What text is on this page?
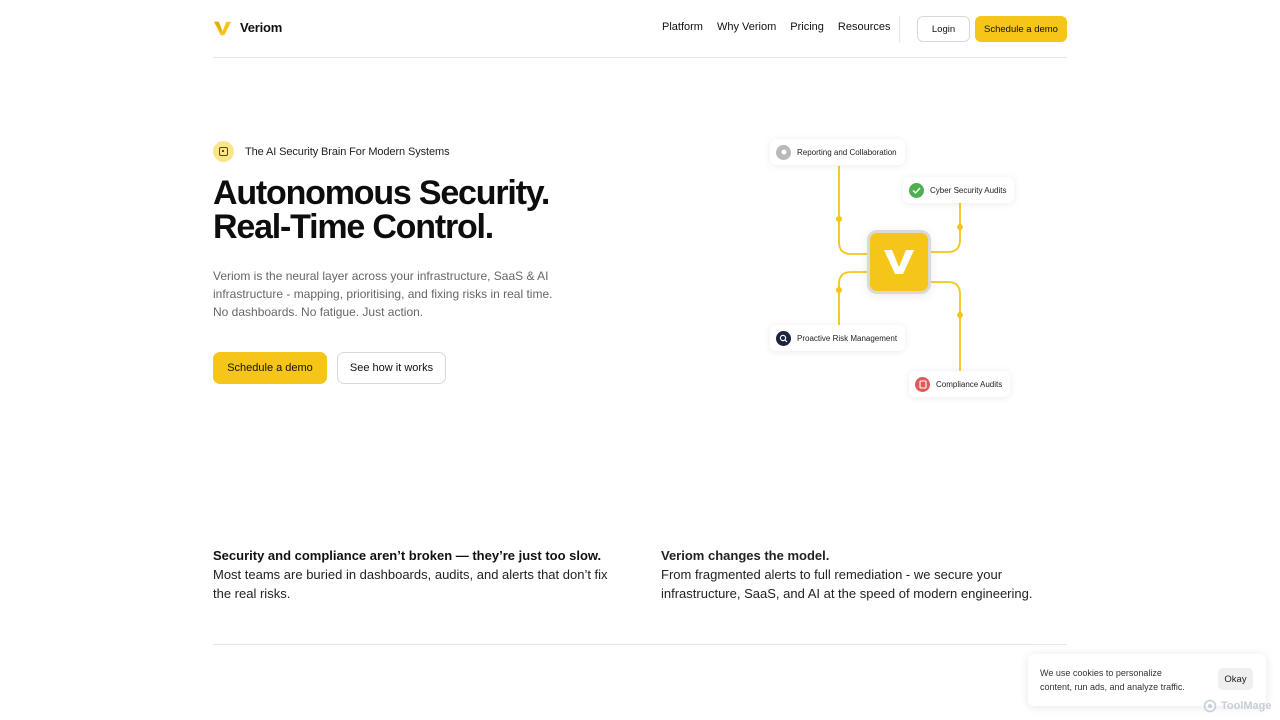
Veriom	Platform Why Veriom Pricing Resources	Login	Schedule a demo
The AI Security Brain For Modern Systems
Autonomous Security.
Real-Time Control.

Veriom is the neural layer across your infrastructure, SaaS & AI
infrastructure - mapping, prioritising, and fixing risks in real time.
No dashboards. No fatigue. Just action.

Schedule a demo	See how it works
Reporting and Collaboration
Cyber Security Audits
Proactive Risk Management
Compliance Audits
Security and compliance aren’t broken — they’re just too slow.
Most teams are buried in dashboards, audits, and alerts that don’t fix
the real risks.
Veriom changes the model.
From fragmented alerts to full remediation - we secure your
infrastructure, SaaS, and AI at the speed of modern engineering.
We use cookies to personalize
content, run ads, and analyze traffic.
Okay
ToolMage
